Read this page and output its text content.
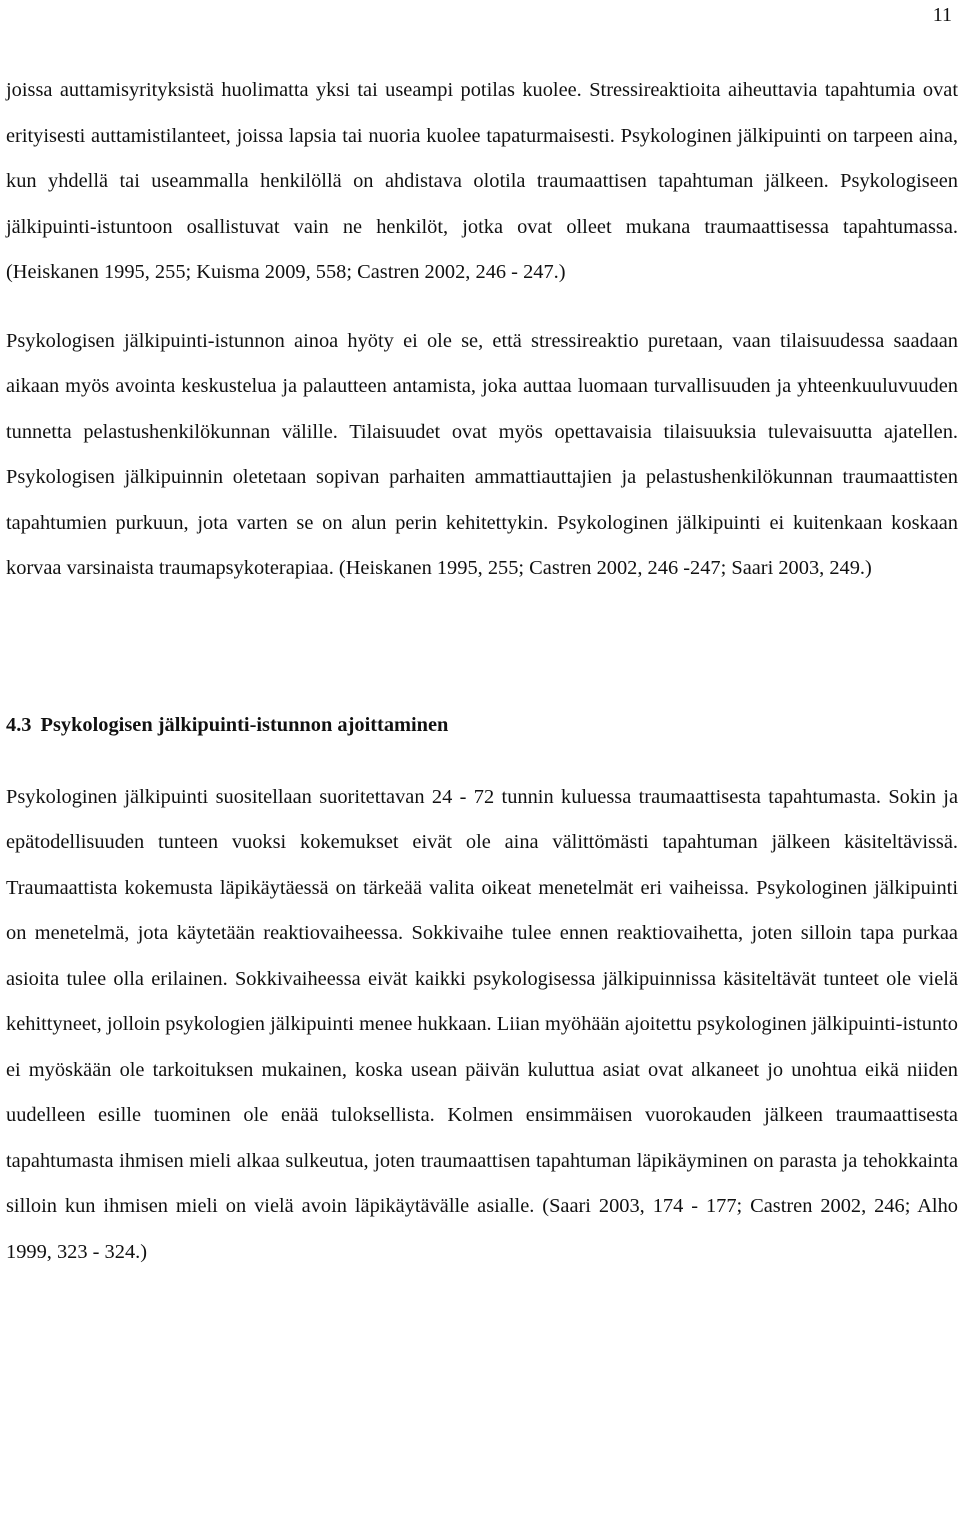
11

joissa auttamisyrityksistä huolimatta yksi tai useampi potilas kuolee. Stressireaktioita aiheuttavia tapahtumia ovat erityisesti auttamistilanteet, joissa lapsia tai nuoria kuolee tapaturmaisesti. Psykologinen jälkipuinti on tarpeen aina, kun yhdellä tai useammalla henkilöllä on ahdistava olotila traumaattisen tapahtuman jälkeen. Psykologiseen jälkipuinti-istuntoon osallistuvat vain ne henkilöt, jotka ovat olleet mukana traumaattisessa tapahtumassa. (Heiskanen 1995, 255; Kuisma 2009, 558; Castren 2002, 246 - 247.)

Psykologisen jälkipuinti-istunnon ainoa hyöty ei ole se, että stressireaktio puretaan, vaan tilaisuudessa saadaan aikaan myös avointa keskustelua ja palautteen antamista, joka auttaa luomaan turvallisuuden ja yhteenkuuluvuuden tunnetta pelastushenkilökunnan välille. Tilaisuudet ovat myös opettavaisia tilaisuuksia tulevaisuutta ajatellen. Psykologisen jälkipuinnin oletetaan sopivan parhaiten ammattiauttajien ja pelastushenkilökunnan traumaattisten tapahtumien purkuun, jota varten se on alun perin kehitettykin. Psykologinen jälkipuinti ei kuitenkaan koskaan korvaa varsinaista traumapsykoterapiaa. (Heiskanen 1995, 255; Castren 2002, 246 -247; Saari 2003, 249.)

4.3 Psykologisen jälkipuinti-istunnon ajoittaminen

Psykologinen jälkipuinti suositellaan suoritettavan 24 - 72 tunnin kuluessa traumaattisesta tapahtumasta. Sokin ja epätodellisuuden tunteen vuoksi kokemukset eivät ole aina välittömästi tapahtuman jälkeen käsiteltävissä. Traumaattista kokemusta läpikäytäessä on tärkeää valita oikeat menetelmät eri vaiheissa. Psykologinen jälkipuinti on menetelmä, jota käytetään reaktiovaiheessa. Sokkivaihe tulee ennen reaktiovaihetta, joten silloin tapa purkaa asioita tulee olla erilainen. Sokkivaiheessa eivät kaikki psykologisessa jälkipuinnissa käsiteltävät tunteet ole vielä kehittyneet, jolloin psykologien jälkipuinti menee hukkaan. Liian myöhään ajoitettu psykologinen jälkipuinti-istunto ei myöskään ole tarkoituksen mukainen, koska usean päivän kuluttua asiat ovat alkaneet jo unohtua eikä niiden uudelleen esille tuominen ole enää tuloksellista. Kolmen ensimmäisen vuorokauden jälkeen traumaattisesta tapahtumasta ihmisen mieli alkaa sulkeutua, joten traumaattisen tapahtuman läpikäyminen on parasta ja tehokkainta silloin kun ihmisen mieli on vielä avoin läpikäytävälle asialle. (Saari 2003, 174 - 177; Castren 2002, 246; Alho 1999, 323 - 324.)
